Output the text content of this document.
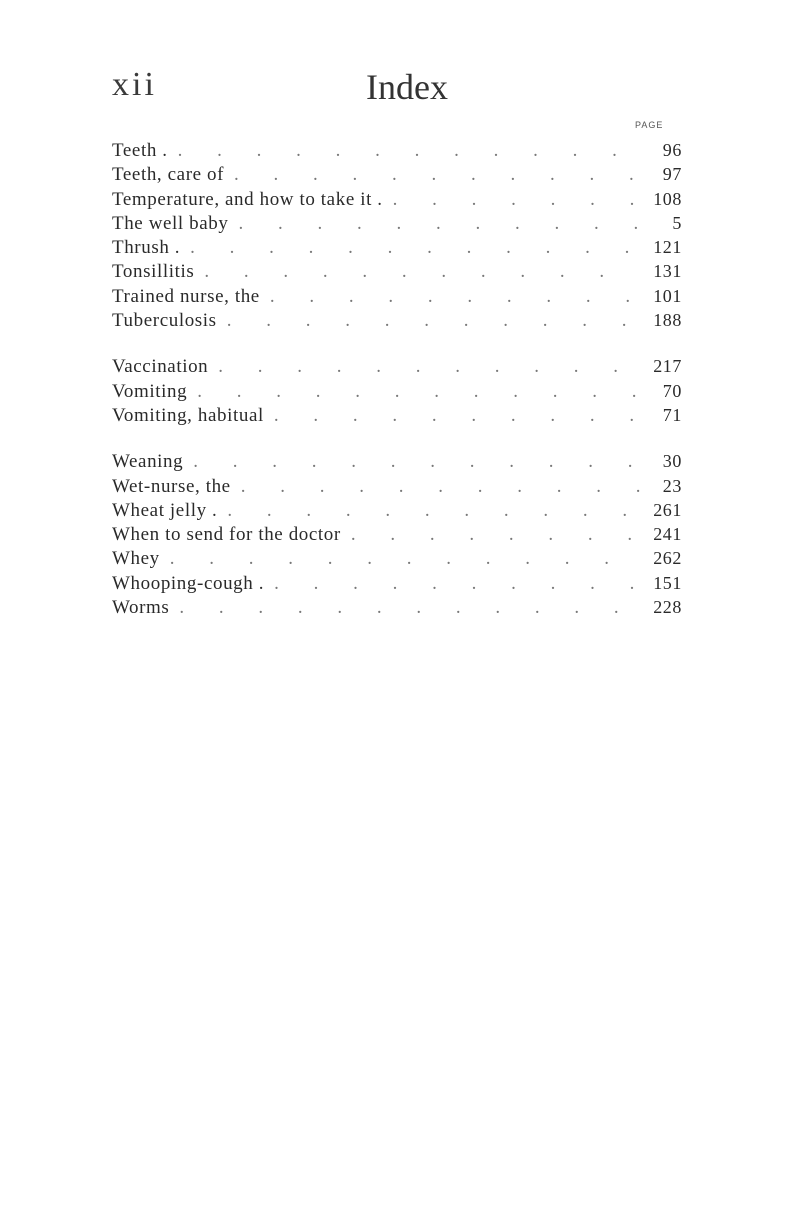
xii	Index
PAGE
Teeth . . . .	96
Teeth, care of . . .	97
Temperature, and how to take it . . . .	108
The well baby . . .	5
Thrush . . . .	121
Tonsillitis . . .	131
Trained nurse, the . . .	101
Tuberculosis . . .	188
Vaccination . . .	217
Vomiting . . .	70
Vomiting, habitual . . .	71
Weaning . . .	30
Wet-nurse, the . . .	23
Wheat jelly . . . .	261
When to send for the doctor . . .	241
Whey . . .	262
Whooping-cough . . . .	151
Worms . . .	228
